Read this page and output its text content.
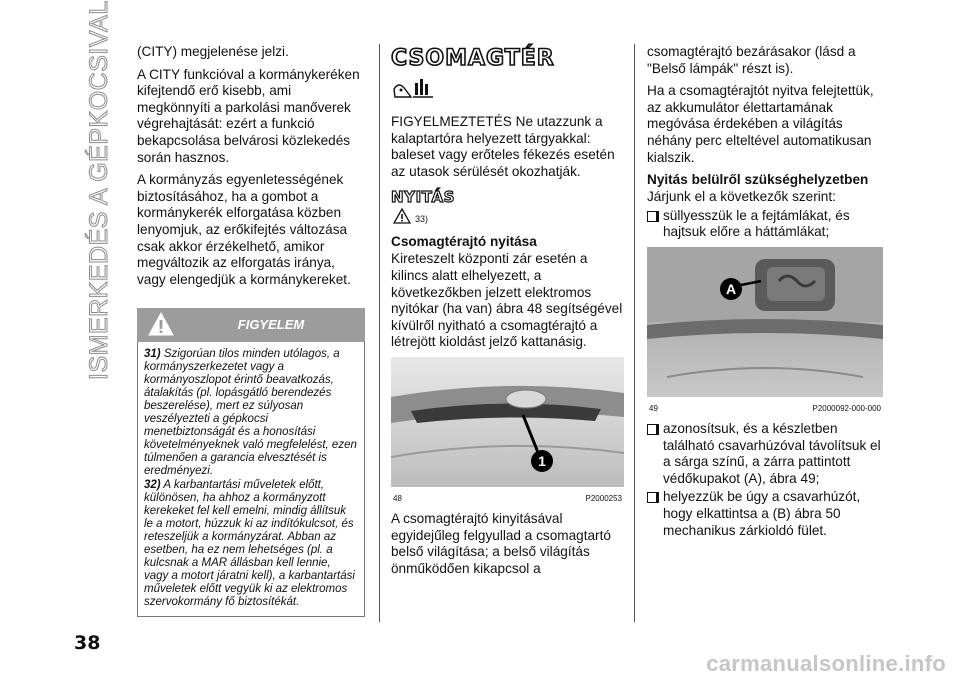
ISMERKEDÉS A GÉPKOCSIVAL
38

(CITY) megjelenése jelzi.

A CITY funkcióval a kormánykeréken kifejtendő erő kisebb, ami megkönnyíti a parkolási manőverek végrehajtását: ezért a funkció bekapcsolása belvárosi közlekedés során hasznos.

A kormányzás egyenletességének biztosításához, ha a gombot a kormánykerék elforgatása közben lenyomjuk, az erőkifejtés változása csak akkor érzékelhető, amikor megváltozik az elforgatás iránya, vagy elengedjük a kormánykereket.

FIGYELEM
31) Szigorúan tilos minden utólagos, a kormányszerkezetet vagy a kormányoszlopot érintő beavatkozás, átalakítás (pl. lopásgátló berendezés beszerelése), mert ez súlyosan veszélyezteti a gépkocsi menetbiztonságát és a honosítási követelményeknek való megfelelést, ezen túlmenően a garancia elvesztését is eredményezi.
32) A karbantartási műveletek előtt, különösen, ha ahhoz a kormányzott kerekeket fel kell emelni, mindig állítsuk le a motort, húzzuk ki az indítókulcsot, és reteszeljük a kormányzárat. Abban az esetben, ha ez nem lehetséges (pl. a kulcsnak a MAR állásban kell lennie, vagy a motort járatni kell), a karbantartási műveletek előtt vegyük ki az elektromos szervokormány fő biztosítékát.
CSOMAGTÉR

FIGYELMEZTETÉS Ne utazzunk a kalaptartóra helyezett tárgyakkal: baleset vagy erőteles fékezés esetén az utasok sérülését okozhatják.

NYITÁS
33)
Csomagtérajtó nyitása

Kireteszelt központi zár esetén a kilincs alatt elhelyezett, a következőkben jelzett elektromos nyitókar (ha van) ábra 48 segítségével kívülről nyitható a csomagtérajtó a létrejött kioldást jelző kattanásig.

1
48	P2000253

A csomagtérajtó kinyitásával egyidejűleg felgyullad a csomagtartó belső világítása; a belső világítás önműködően kikapcsol a

csomagtérajtó bezárásakor (lásd a "Belső lámpák" részt is).

Ha a csomagtérajtót nyitva felejtettük, az akkumulátor élettartamának megóvása érdekében a világítás néhány perc elteltével automatikusan kialszik.

Nyitás belülről szükséghelyzetben

Járjunk el a következők szerint:

süllyesszük le a fejtámlákat, és hajtsuk előre a háttámlákat;

A
49	P2000092-000-000

azonosítsuk, és a készletben található csavarhúzóval távolítsuk el a sárga színű, a zárra pattintott védőkupakot (A), ábra 49;

helyezzük be úgy a csavarhúzót, hogy elkattintsa a (B) ábra 50 mechanikus zárkioldó fület.

carmanualsonline.info
